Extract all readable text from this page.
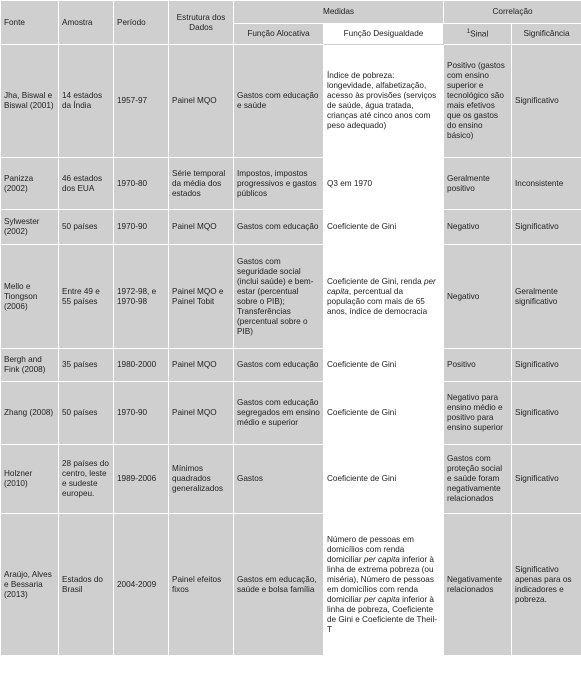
Fonte	Amostra	Período	Estrutura dos Dados	Medidas		Correlação	
				Função Alocativa	Função Desigualdade	$^1$Sinal	Significância
Jha, Biswal e Biswal (2001)	14 estados da Índia	1957-97	Painel MQO	Gastos com educação e saúde	Índice de pobreza: longevidade, alfabetização, acesso às provisões (serviços de saúde, água tratada, crianças até cinco anos com peso adequado)	Positivo (gastos com ensino superior e tecnológico são mais efetivos que os gastos do ensino básico)	Significativo
Panizza (2002)	46 estados dos EUA	1970-80	Série temporal da média dos estados	Impostos, impostos progressivos e gastos públicos	Q3 em 1970	Geralmente positivo	Inconsistente
Sylwester (2002)	50 países	1970-90	Painel MQO	Gastos com educação	Coeficiente de Gini	Negativo	Significativo
Mello e Tiongson (2006)	Entre 49 e 55 países	1972-98, e 1970-98	Painel MQO e Painel Tobit	Gastos com seguridade social (inclui saúde) e bem-estar (percentual sobre o PIB); Transferências (percentual sobre o PIB)	Coeficiente de Gini, renda per capita, percentual da população com mais de 65 anos, índice de democracia	Negativo	Geralmente significativo
Bergh and Fink (2008)	35 países	1980-2000	Painel MQO	Gastos com educação	Coeficiente de Gini	Positivo	Significativo
Zhang (2008)	50 países	1970-90	Painel MQO	Gastos com educação segregados em ensino médio e superior	Coeficiente de Gini	Negativo para ensino médio e positivo para ensino superior	Significativo
Holzner (2010)	28 países do centro, leste e sudeste europeu.	1989-2006	Mínimos quadrados generalizados	Gastos	Coeficiente de Gini	Gastos com proteção social e saúde foram negativamente relacionados	Significativo
Araújo, Alves e Bessaria (2013)	Estados do Brasil	2004-2009	Painel efeitos fixos	Gastos em educação, saúde e bolsa família	Número de pessoas em domicílios com renda domiciliar per capita inferior à linha de extrema pobreza (ou miséria), Número de pessoas em domicílios com renda domiciliar per capita inferior à linha de pobreza, Coeficiente de Gini e Coeficiente de Theil-T	Negativamente relacionados	Significativo apenas para os indicadores e pobreza.
